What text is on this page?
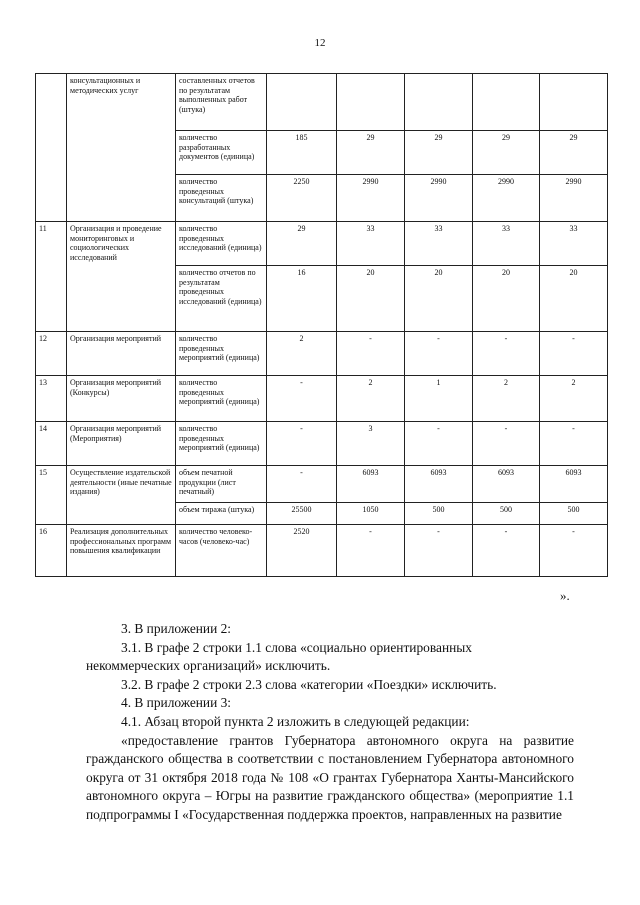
12
	консультационных и методических услуг	составленных отчетов по результатам выполненных работ (штука)					
		количество разработанных документов (единица)	185	29	29	29	29
		количество проведенных консультаций (штука)	2250	2990	2990	2990	2990
11	Организация и проведение мониторинговых и социологических исследований	количество проведенных исследований (единица)	29	33	33	33	33
		количество отчетов по результатам проведенных исследований (единица)	16	20	20	20	20
12	Организация мероприятий	количество проведенных мероприятий (единица)	2	-	-	-	-
13	Организация мероприятий (Конкурсы)	количество проведенных мероприятий (единица)	-	2	1	2	2
14	Организация мероприятий (Мероприятия)	количество проведенных мероприятий (единица)	-	3	-	-	-
15	Осуществление издательской деятельности (иные печатные издания)	объем печатной продукции (лист печатный)	-	6093	6093	6093	6093
		объем тиража (штука)	25500	1050	500	500	500
16	Реализация дополнительных профессиональных программ повышения квалификации	количество человеко-часов (человеко-час)	2520	-	-	-	-
».

3. В приложении 2:

3.1. В графе 2 строки 1.1 слова «социально ориентированных

некоммерческих организаций» исключить.

3.2. В графе 2 строки 2.3 слова «категории «Поездки» исключить.

4. В приложении 3:

4.1. Абзац второй пункта 2 изложить в следующей редакции:

«предоставление грантов Губернатора автономного округа на развитие гражданского общества в соответствии с постановлением Губернатора автономного округа от 31 октября 2018 года № 108 «О грантах Губернатора Ханты-Мансийского автономного округа – Югры на развитие гражданского общества» (мероприятие 1.1 подпрограммы I «Государственная поддержка проектов, направленных на развитие
